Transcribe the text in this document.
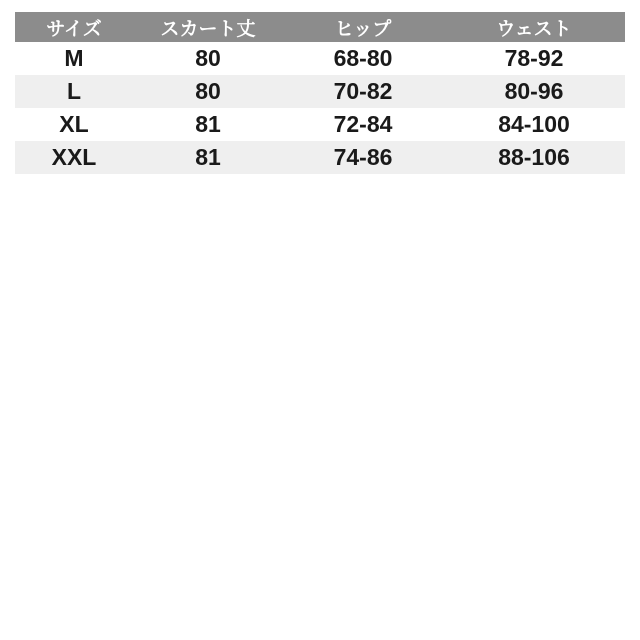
サイズ	スカート丈	ヒップ	ウェスト
M	80	68-80	78-92
L	80	70-82	80-96
XL	81	72-84	84-100
XXL	81	74-86	88-106
